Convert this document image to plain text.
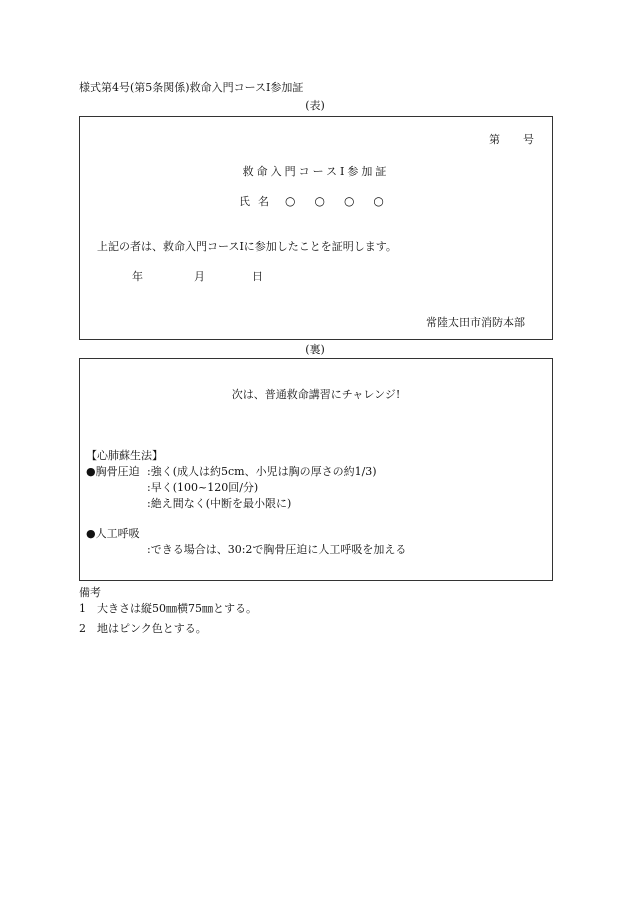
様式第4号(第5条関係)救命入門コースⅠ参加証
(表)
第 号
救命入門コースⅠ参加証
氏名 ○○○○
上記の者は、救命入門コースⅠに参加したことを証明します。
年	月	日
常陸太田市消防本部
(裏)
次は、普通救命講習にチャレンジ!
【心肺蘇生法】
●胸骨圧迫 :強く(成人は約5cm、小児は胸の厚さの約1/3)
:早く(100~120回/分)
:絶え間なく(中断を最小限に)
●人工呼吸
:できる場合は、30:2で胸骨圧迫に人工呼吸を加える
備考
1 大きさは縦50㎜横75㎜とする。
2 地はピンク色とする。
